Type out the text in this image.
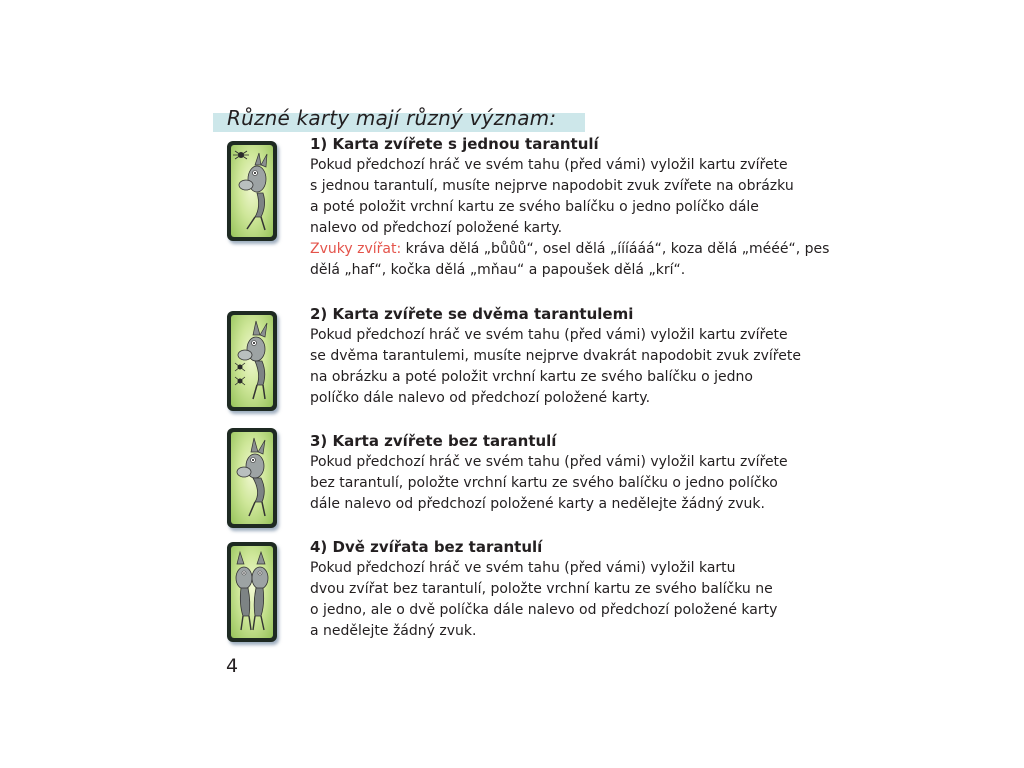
Různé karty mají různý význam:
1) Karta zvířete s jednou tarantulí
Pokud předchozí hráč ve svém tahu (před vámi) vyložil kartu zvířete
s jednou tarantulí, musíte nejprve napodobit zvuk zvířete na obrázku
a poté položit vrchní kartu ze svého balíčku o jedno políčko dále
nalevo od předchozí položené karty.
Zvuky zvířat: kráva dělá „bůůů“, osel dělá „íííááá“, koza dělá „mééé“, pes
dělá „haf“, kočka dělá „mňau“ a papoušek dělá „krí“.
2) Karta zvířete se dvěma tarantulemi
Pokud předchozí hráč ve svém tahu (před vámi) vyložil kartu zvířete
se dvěma tarantulemi, musíte nejprve dvakrát napodobit zvuk zvířete
na obrázku a poté položit vrchní kartu ze svého balíčku o jedno
políčko dále nalevo od předchozí položené karty.
3) Karta zvířete bez tarantulí
Pokud předchozí hráč ve svém tahu (před vámi) vyložil kartu zvířete
bez tarantulí, položte vrchní kartu ze svého balíčku o jedno políčko
dále nalevo od předchozí položené karty a nedělejte žádný zvuk.
4) Dvě zvířata bez tarantulí
Pokud předchozí hráč ve svém tahu (před vámi) vyložil kartu
dvou zvířat bez tarantulí, položte vrchní kartu ze svého balíčku ne
o jedno, ale o dvě políčka dále nalevo od předchozí položené karty
a nedělejte žádný zvuk.
4
